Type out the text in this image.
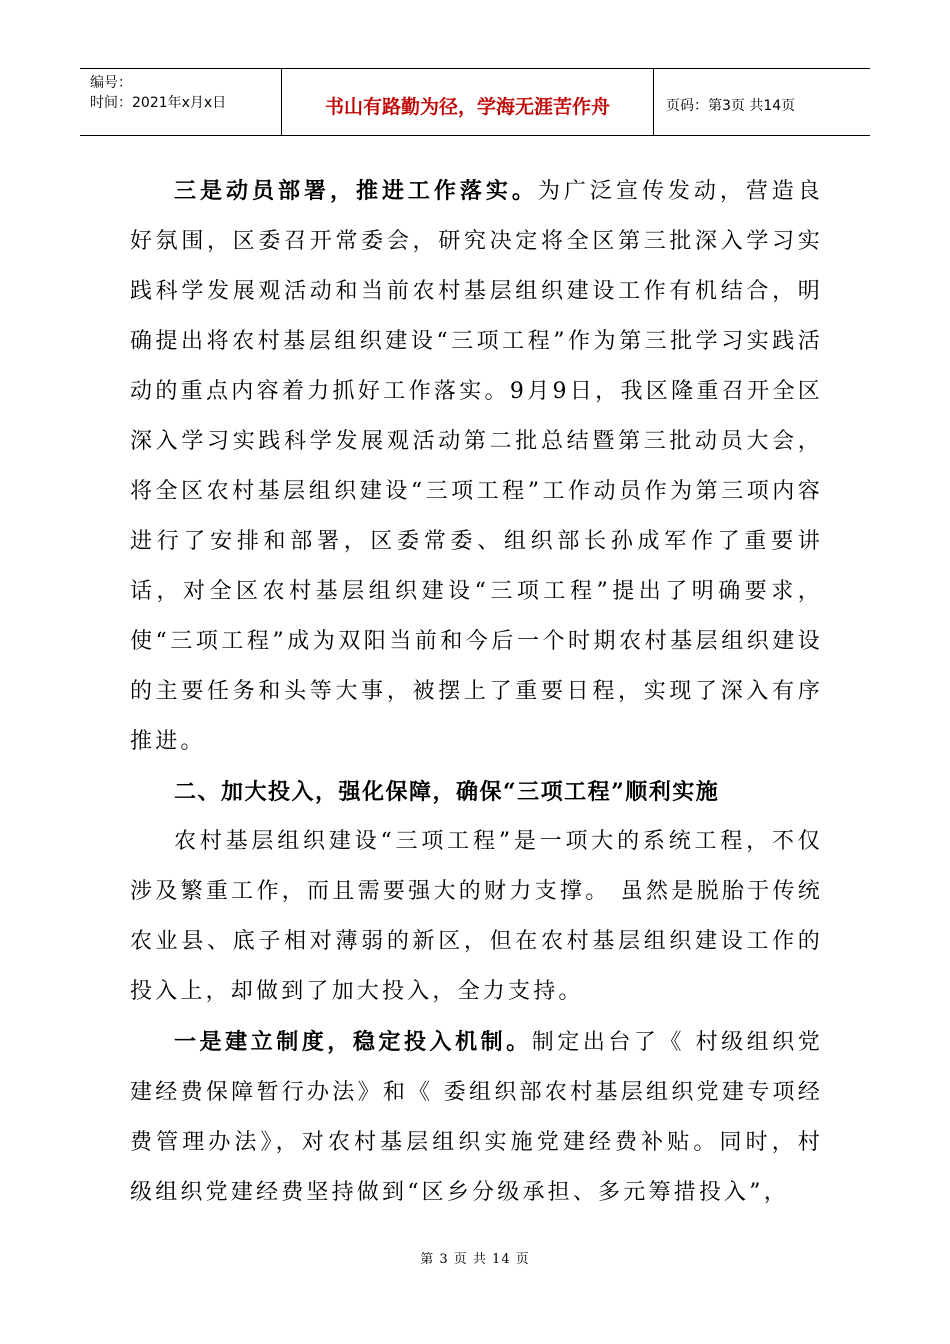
编号：
时间：2021年x月x日	书山有路勤为径，学海无涯苦作舟	页码：第3页 共14页

三是动员部署，推进工作落实。为广泛宣传发动，营造良好氛围，区委召开常委会，研究决定将全区第三批深入学习实践科学发展观活动和当前农村基层组织建设工作有机结合，明确提出将农村基层组织建设“三项工程”作为第三批学习实践活动的重点内容着力抓好工作落实。9月9日，我区隆重召开全区深入学习实践科学发展观活动第二批总结暨第三批动员大会，将全区农村基层组织建设“三项工程”工作动员作为第三项内容进行了安排和部署，区委常委、组织部长孙成军作了重要讲话，对全区农村基层组织建设“三项工程”提出了明确要求，使“三项工程”成为双阳当前和今后一个时期农村基层组织建设的主要任务和头等大事，被摆上了重要日程，实现了深入有序推进。

二、加大投入，强化保障，确保“三项工程”顺利实施

农村基层组织建设“三项工程”是一项大的系统工程，不仅涉及繁重工作，而且需要强大的财力支撑。 虽然是脱胎于传统农业县、底子相对薄弱的新区，但在农村基层组织建设工作的投入上，却做到了加大投入，全力支持。

一是建立制度，稳定投入机制。制定出台了《 村级组织党建经费保障暂行办法》和《 委组织部农村基层组织党建专项经费管理办法》，对农村基层组织实施党建经费补贴。同时，村级组织党建经费坚持做到“区乡分级承担、多元筹措投入”，

第 3 页 共 14 页
